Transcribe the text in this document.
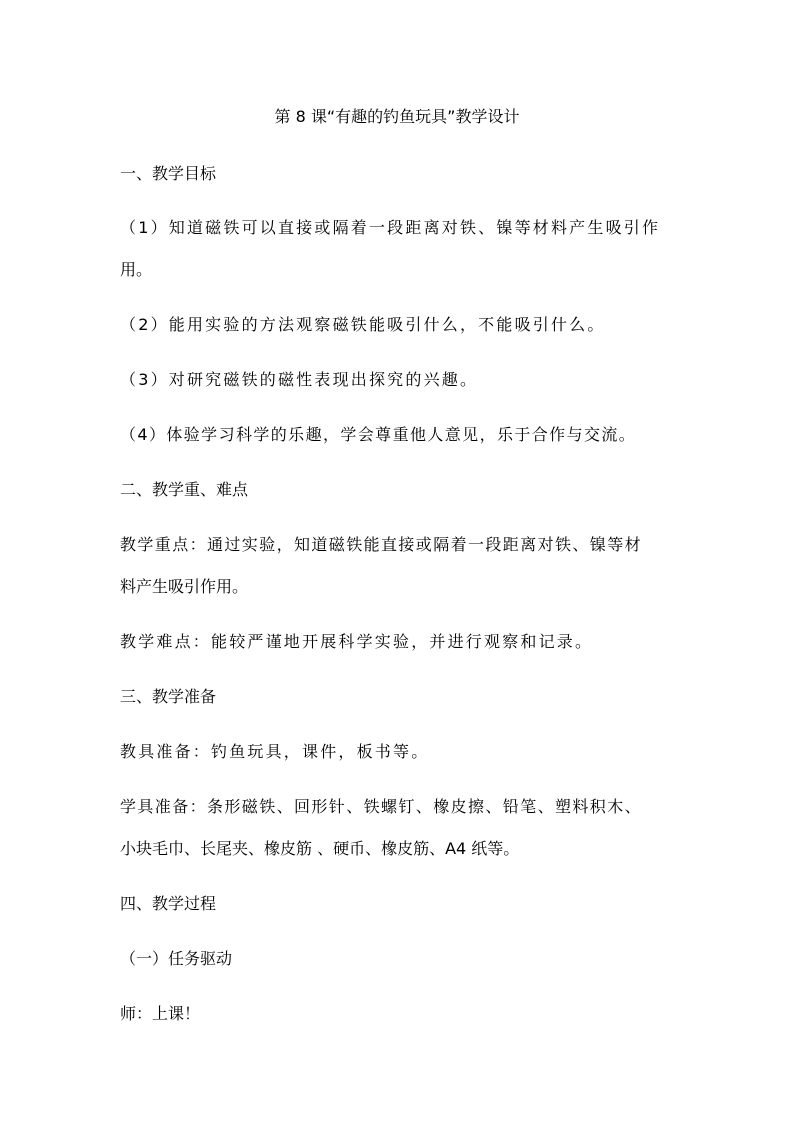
第 8 课“有趣的钓鱼玩具”教学设计
一、教学目标
（1）知道磁铁可以直接或隔着一段距离对铁、镍等材料产生吸引作
用。
（2）能用实验的方法观察磁铁能吸引什么，不能吸引什么。
（3）对研究磁铁的磁性表现出探究的兴趣。
（4）体验学习科学的乐趣，学会尊重他人意见，乐于合作与交流。
二、教学重、难点
教学重点：通过实验，知道磁铁能直接或隔着一段距离对铁、镍等材
料产生吸引作用。
教学难点：能较严谨地开展科学实验，并进行观察和记录。
三、教学准备
教具准备：钓鱼玩具，课件，板书等。
学具准备：条形磁铁、回形针、铁螺钉、橡皮擦、铅笔、塑料积木、
小块毛巾、长尾夹、橡皮筋 、硬币、橡皮筋、A4 纸等。
四、教学过程
（一）任务驱动
师：上课！
